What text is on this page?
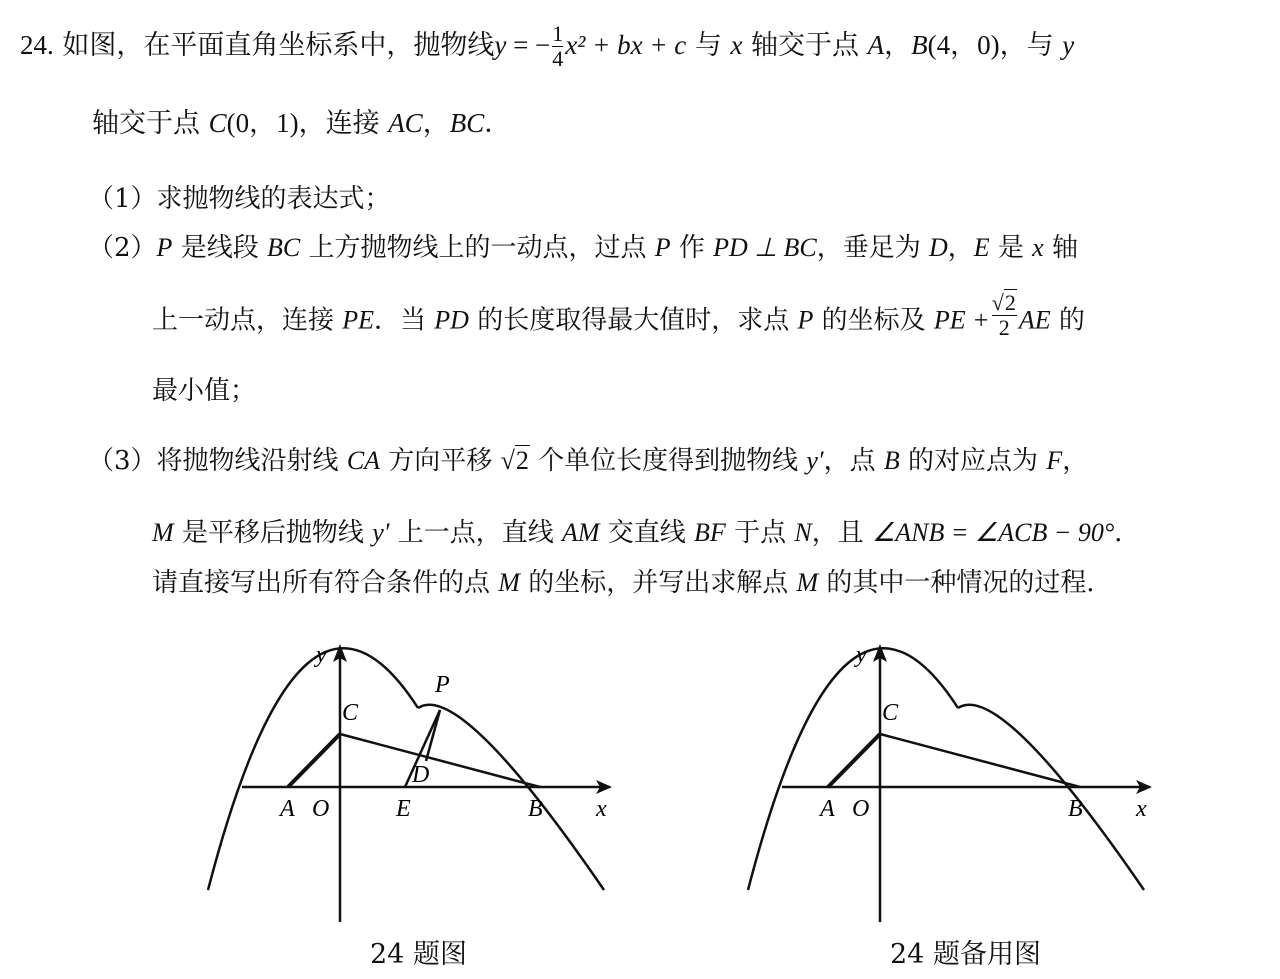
24. 如图，在平面直角坐标系中，抛物线y = − $\frac{1}{4} x^2$ + bx + c 与 x 轴交于点 A，B(4，0)，与 y
轴交于点 C(0，1)，连接 AC，BC．
（1）求抛物线的表达式；
（2）P 是线段 BC 上方抛物线上的一动点，过点 P 作 PD ⊥ BC，垂足为 D，E 是 x 轴
上一动点，连接 PE．当 PD 的长度取得最大值时，求点 P 的坐标及 PE + $\frac{√2}{2}$ AE 的
最小值；
（3）将抛物线沿射线 CA 方向平移 √2 个单位长度得到抛物线 y′，点 B 的对应点为 F，
M 是平移后抛物线 y′ 上一点，直线 AM 交直线 BF 于点 N，且 ∠ANB = ∠ACB − 90°．
请直接写出所有符合条件的点 M 的坐标，并写出求解点 M 的其中一种情况的过程．
y
C
P
D
A O	E	B x
24 题图
y
C
A O	B x
24 题备用图
